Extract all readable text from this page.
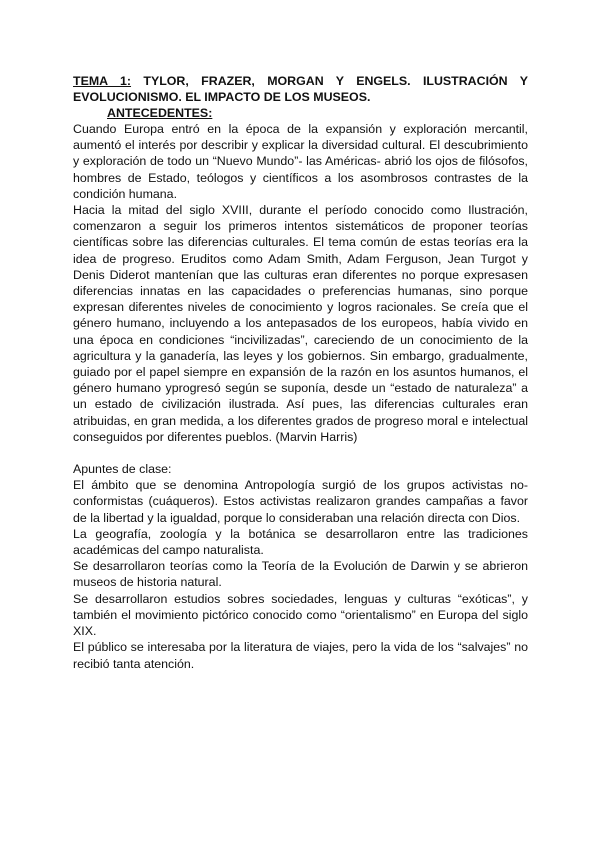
TEMA 1: TYLOR, FRAZER, MORGAN Y ENGELS. ILUSTRACIÓN Y EVOLUCIONISMO. EL IMPACTO DE LOS MUSEOS.

ANTECEDENTES:

Cuando Europa entró en la época de la expansión y exploración mercantil, aumentó el interés por describir y explicar la diversidad cultural. El descubrimiento y exploración de todo un “Nuevo Mundo”- las Américas- abrió los ojos de filósofos, hombres de Estado, teólogos y científicos a los asombrosos contrastes de la condición humana.

Hacia la mitad del siglo XVIII, durante el período conocido como Ilustración, comenzaron a seguir los primeros intentos sistemáticos de proponer teorías científicas sobre las diferencias culturales. El tema común de estas teorías era la idea de progreso. Eruditos como Adam Smith, Adam Ferguson, Jean Turgot y Denis Diderot mantenían que las culturas eran diferentes no porque expresasen diferencias innatas en las capacidades o preferencias humanas, sino porque expresan diferentes niveles de conocimiento y logros racionales. Se creía que el género humano, incluyendo a los antepasados de los europeos, había vivido en una época en condiciones “incivilizadas”, careciendo de un conocimiento de la agricultura y la ganadería, las leyes y los gobiernos. Sin embargo, gradualmente, guiado por el papel siempre en expansión de la razón en los asuntos humanos, el género humano yprogresó según se suponía, desde un “estado de naturaleza” a un estado de civilización ilustrada. Así pues, las diferencias culturales eran atribuidas, en gran medida, a los diferentes grados de progreso moral e intelectual conseguidos por diferentes pueblos. (Marvin Harris)

Apuntes de clase:

El ámbito que se denomina Antropología surgió de los grupos activistas no-conformistas (cuáqueros). Estos activistas realizaron grandes campañas a favor de la libertad y la igualdad, porque lo consideraban una relación directa con Dios.

La geografía, zoología y la botánica se desarrollaron entre las tradiciones académicas del campo naturalista.

Se desarrollaron teorías como la Teoría de la Evolución de Darwin y se abrieron museos de historia natural.

Se desarrollaron estudios sobres sociedades, lenguas y culturas “exóticas”, y también el movimiento pictórico conocido como “orientalismo” en Europa del siglo XIX.

El público se interesaba por la literatura de viajes, pero la vida de los “salvajes” no recibió tanta atención.
